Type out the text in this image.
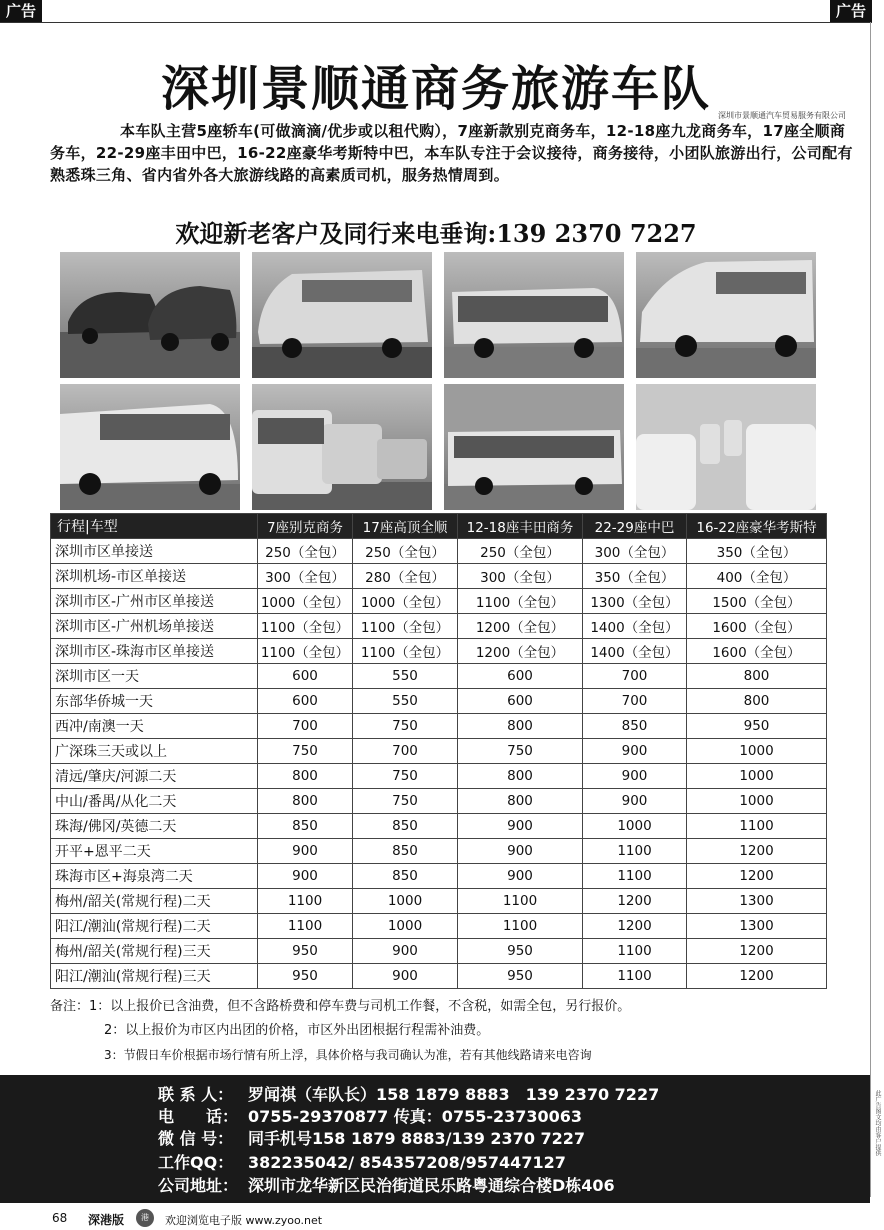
广告	广告
深圳景顺通商务旅游车队 深圳市景顺通汽车贸易服务有限公司
本车队主营5座轿车(可做滴滴/优步或以租代购），7座新款别克商务车，12-18座九龙商务车，17座全顺商务车，22-29座丰田中巴，16-22座豪华考斯特中巴，本车队专注于会议接待，商务接待，小团队旅游出行，公司配有熟悉珠三角、省内省外各大旅游线路的高素质司机，服务热情周到。
欢迎新老客户及同行来电垂询:139 2370 7227
行程|车型	7座别克商务	17座高顶全顺	12-18座丰田商务	22-29座中巴	16-22座豪华考斯特
深圳市区单接送	250（全包）	250（全包）	250（全包）	300（全包）	350（全包）
深圳机场-市区单接送	300（全包）	280（全包）	300（全包）	350（全包）	400（全包）
深圳市区-广州市区单接送	1000（全包）	1000（全包）	1100（全包）	1300（全包）	1500（全包）
深圳市区-广州机场单接送	1100（全包）	1100（全包）	1200（全包）	1400（全包）	1600（全包）
深圳市区-珠海市区单接送	1100（全包）	1100（全包）	1200（全包）	1400（全包）	1600（全包）
深圳市区一天	600	550	600	700	800
东部华侨城一天	600	550	600	700	800
西冲/南澳一天	700	750	800	850	950
广深珠三天或以上	750	700	750	900	1000
清远/肇庆/河源二天	800	750	800	900	1000
中山/番禺/从化二天	800	750	800	900	1000
珠海/佛冈/英德二天	850	850	900	1000	1100
开平+恩平二天	900	850	900	1100	1200
珠海市区+海泉湾二天	900	850	900	1100	1200
梅州/韶关(常规行程)二天	1100	1000	1100	1200	1300
阳江/潮汕(常规行程)二天	1100	1000	1100	1200	1300
梅州/韶关(常规行程)三天	950	900	950	1100	1200
阳江/潮汕(常规行程)三天	950	900	950	1100	1200
备注：1：以上报价已含油费，但不含路桥费和停车费与司机工作餐，不含税，如需全包，另行报价。
2：以上报价为市区内出团的价格，市区外出团根据行程需补油费。
3：节假日车价根据市场行情有所上浮，具体价格与我司确认为准，若有其他线路请来电咨询
联 系 人： 罗闻祺（车队长）158 1879 8883　139 2370 7227
电　　话： 0755-29370877 传真：0755-23730063
微 信 号： 同手机号158 1879 8883/139 2370 7227
工作QQ： 382235042/ 854357208/957447127
公司地址： 深圳市龙华新区民治街道民乐路粤通综合楼D栋406
此广告图文均由客户提供
68 深港版	港	欢迎浏览电子版 www.zyoo.net
